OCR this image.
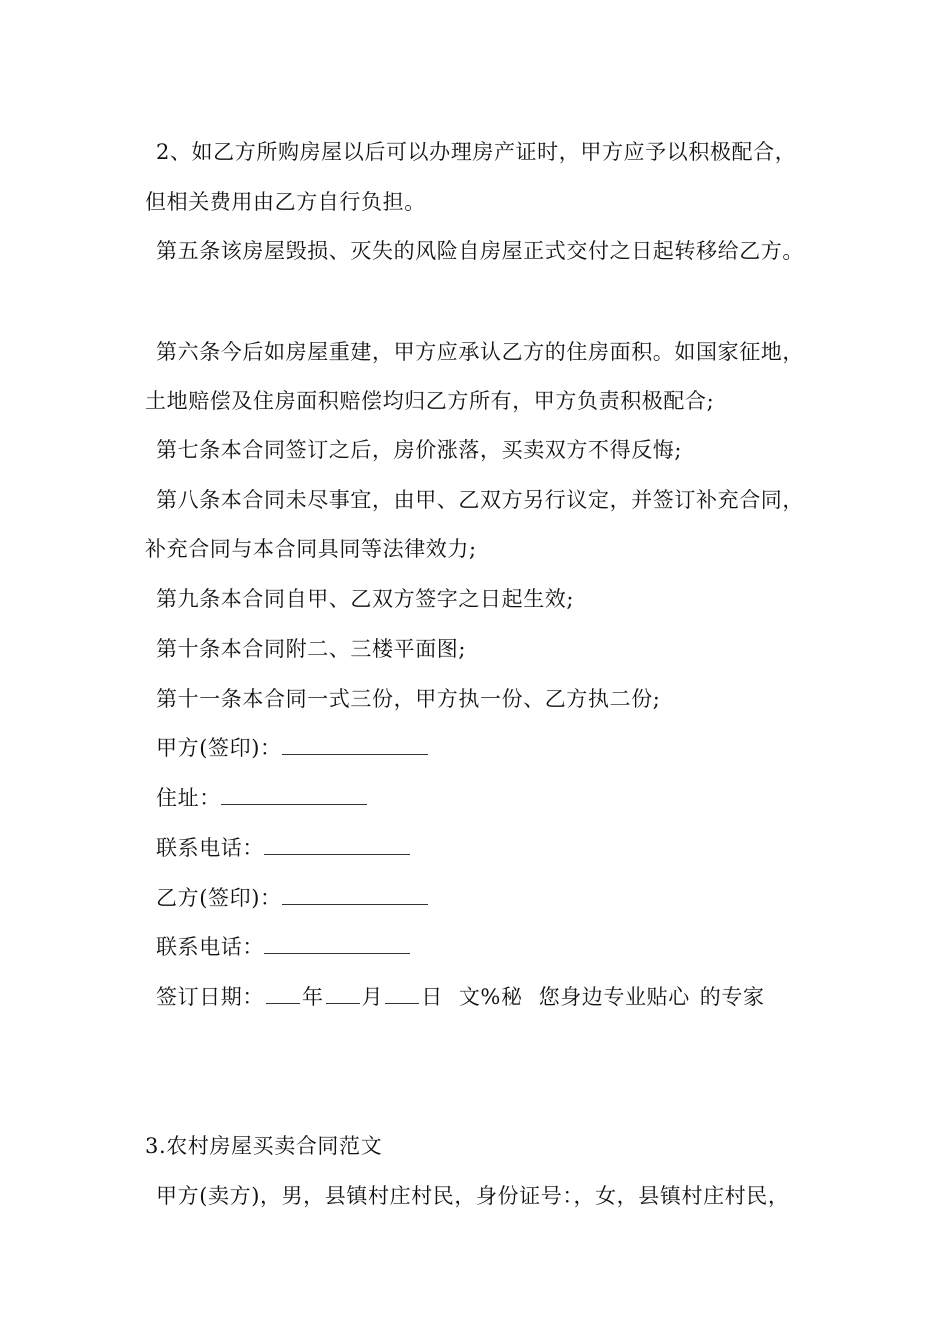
2、如乙方所购房屋以后可以办理房产证时，甲方应予以积极配合，
但相关费用由乙方自行负担。
第五条该房屋毁损、灭失的风险自房屋正式交付之日起转移给乙方。
第六条今后如房屋重建，甲方应承认乙方的住房面积。如国家征地，
土地赔偿及住房面积赔偿均归乙方所有，甲方负责积极配合;
第七条本合同签订之后，房价涨落，买卖双方不得反悔;
第八条本合同未尽事宜，由甲、乙双方另行议定，并签订补充合同，
补充合同与本合同具同等法律效力;
第九条本合同自甲、乙双方签字之日起生效;
第十条本合同附二、三楼平面图;
第十一条本合同一式三份，甲方执一份、乙方执二份;
甲方(签印)：
住址：
联系电话：
乙方(签印)：
联系电话：
签订日期： 年 月 日 文%秘 您身边专业贴心 的专家
3.农村房屋买卖合同范文
甲方(卖方)，男，县镇村庄村民，身份证号：，女，县镇村庄村民，
